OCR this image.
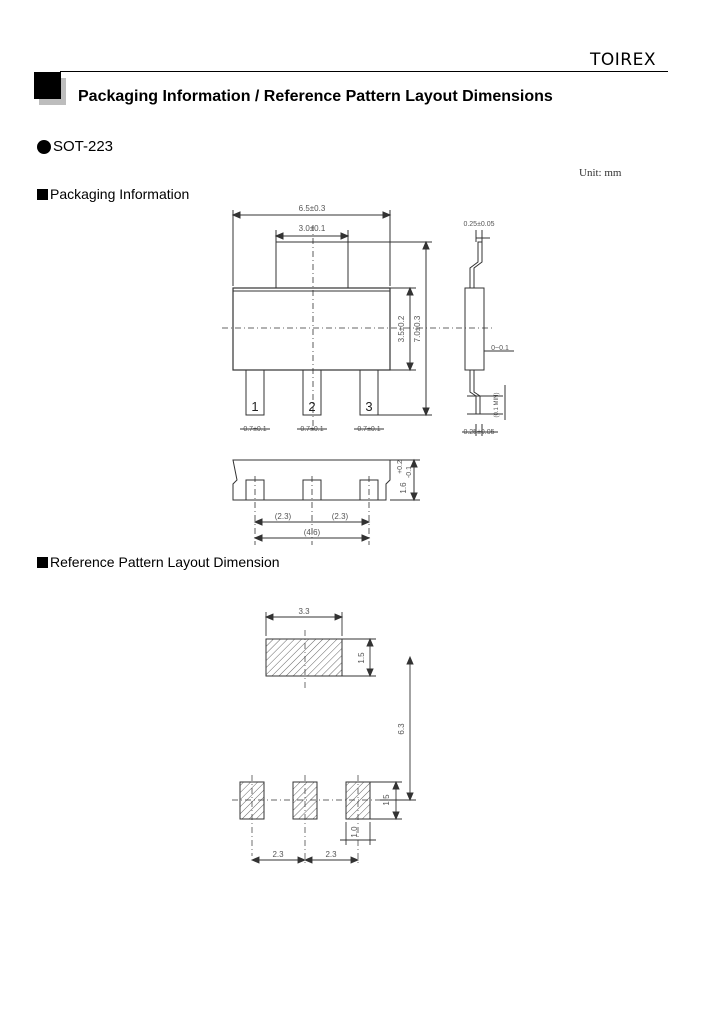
TOIREX
Packaging Information / Reference Pattern Layout Dimensions
SOT-223
Unit: mm
Packaging Information
Reference Pattern Layout Dimension
6.5±0.3
3.0±0.1
3.5±0.2 7.0±0.3
1	2	3
0.7±0.1	0.7±0.1	0.7±0.1
0.25±0.05
0~0.1
(0.1 MIN)
0.25±0.05
1.6
+0.2 -0.1
(2.3)	(2.3)
(4.6)
3.3
1.5
6.3
1.5
1.0
2.3	2.3
